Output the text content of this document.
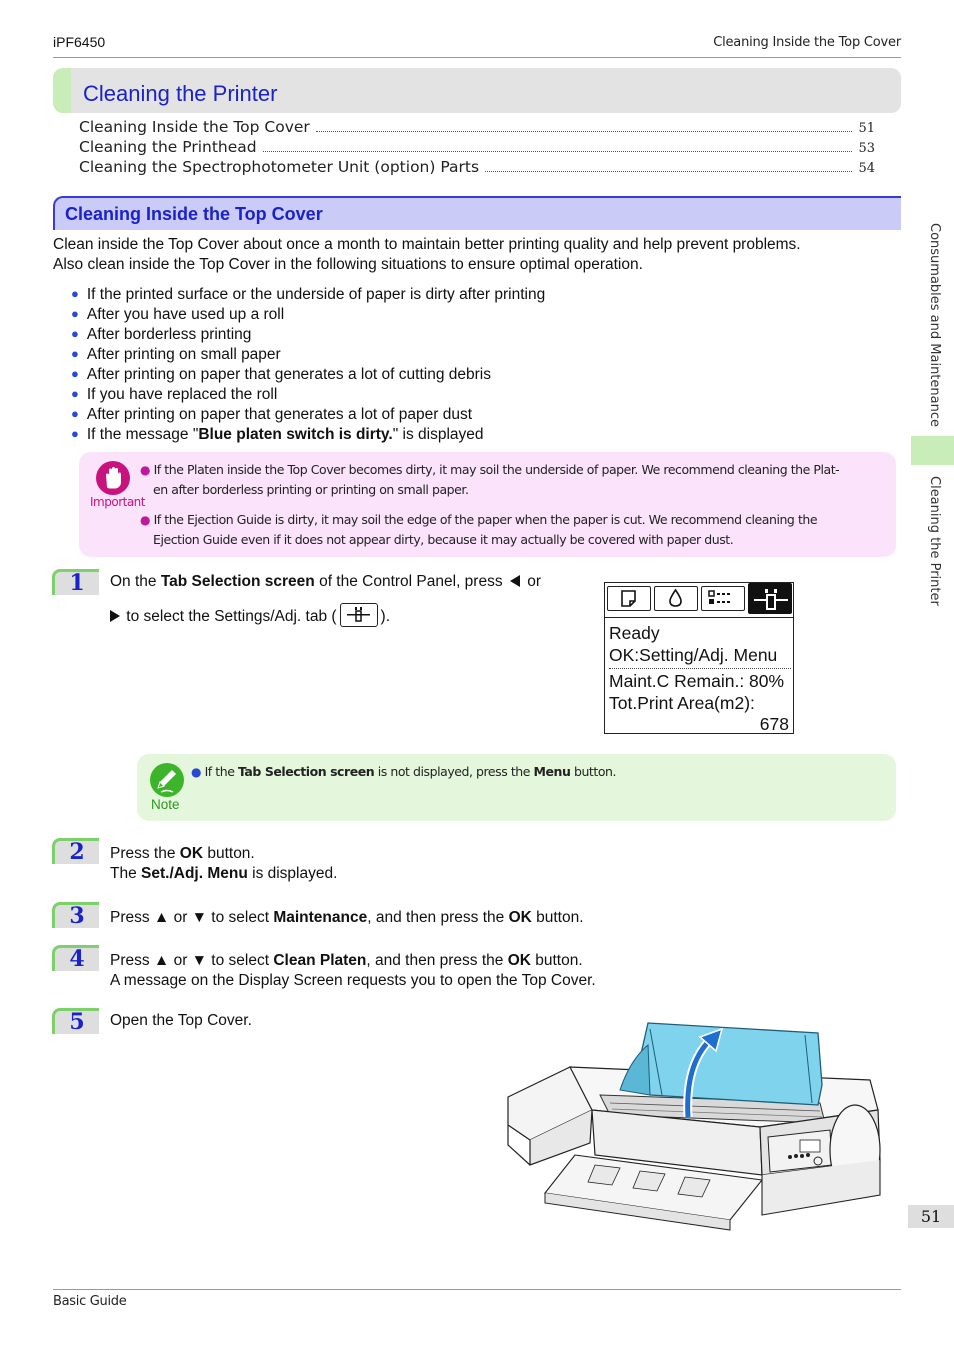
iPF6450	Cleaning Inside the Top Cover
Cleaning the Printer
Cleaning Inside the Top Cover	51
Cleaning the Printhead	53
Cleaning the Spectrophotometer Unit (option) Parts	54
Cleaning Inside the Top Cover
Clean inside the Top Cover about once a month to maintain better printing quality and help prevent problems.
Also clean inside the Top Cover in the following situations to ensure optimal operation.
● If the printed surface or the underside of paper is dirty after printing
● After you have used up a roll
● After borderless printing
● After printing on small paper
● After printing on paper that generates a lot of cutting debris
● If you have replaced the roll
● After printing on paper that generates a lot of paper dust
● If the message "Blue platen switch is dirty." is displayed
Important
● If the Platen inside the Top Cover becomes dirty, it may soil the underside of paper. We recommend cleaning the Plat-
en after borderless printing or printing on small paper.
● If the Ejection Guide is dirty, it may soil the edge of the paper when the paper is cut. We recommend cleaning the
Ejection Guide even if it does not appear dirty, because it may actually be covered with paper dust.
1	On the Tab Selection screen of the Control Panel, press  or
to select the Settings/Adj. tab (	).
Ready
OK:Setting/Adj. Menu
Maint.C Remain.: 80%
Tot.Print Area(m2):
678
Note
● If the Tab Selection screen is not displayed, press the Menu button.
2	Press the OK button.
The Set./Adj. Menu is displayed.
3	Press ▲ or ▼ to select Maintenance, and then press the OK button.
4	Press ▲ or ▼ to select Clean Platen, and then press the OK button.
A message on the Display Screen requests you to open the Top Cover.
5	Open the Top Cover.
Consumables and Maintenance
Cleaning the Printer
51
Basic Guide
